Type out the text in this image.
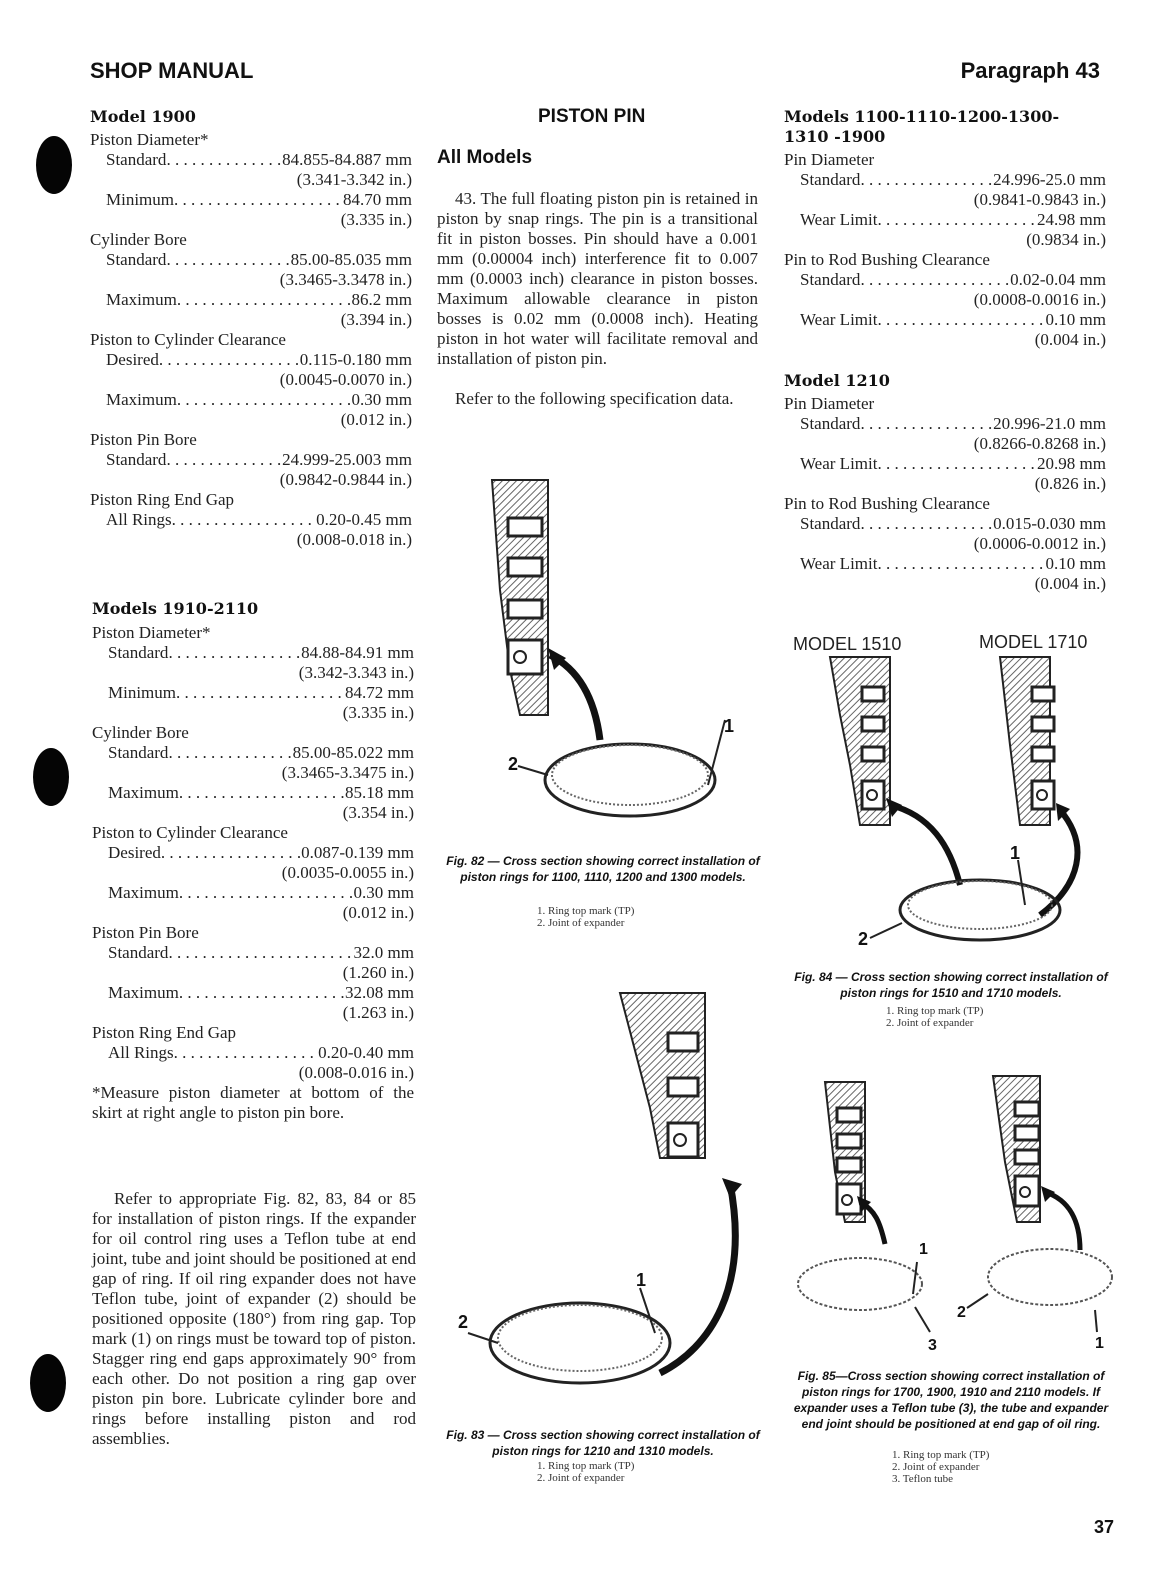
SHOP MANUAL	Paragraph 43
Model 1900
Piston Diameter*
Standard . . .	84.855-84.887 mm
(3.341-3.342 in.)
Minimum . . .	84.70 mm
(3.335 in.)
Cylinder Bore
Standard . . .	85.00-85.035 mm
(3.3465-3.3478 in.)
Maximum . . .	86.2 mm
(3.394 in.)
Piston to Cylinder Clearance
Desired . . .	0.115-0.180 mm
(0.0045-0.0070 in.)
Maximum . . .	0.30 mm
(0.012 in.)
Piston Pin Bore
Standard . . .	24.999-25.003 mm
(0.9842-0.9844 in.)
Piston Ring End Gap
All Rings . . .	0.20-0.45 mm
(0.008-0.018 in.)
Models 1910-2110
Piston Diameter*
Standard . . .	84.88-84.91 mm
(3.342-3.343 in.)
Minimum . . .	84.72 mm
(3.335 in.)
Cylinder Bore
Standard . . .	85.00-85.022 mm
(3.3465-3.3475 in.)
Maximum . . .	85.18 mm
(3.354 in.)
Piston to Cylinder Clearance
Desired . . .	0.087-0.139 mm
(0.0035-0.0055 in.)
Maximum . . .	0.30 mm
(0.012 in.)
Piston Pin Bore
Standard . . .	32.0 mm
(1.260 in.)
Maximum . . .	32.08 mm
(1.263 in.)
Piston Ring End Gap
All Rings . . .	0.20-0.40 mm
(0.008-0.016 in.)
*Measure piston diameter at bottom of the skirt at right angle to piston pin bore.
Refer to appropriate Fig. 82, 83, 84 or 85 for installation of piston rings. If the expander for oil control ring uses a Teflon tube at end joint, tube and joint should be positioned at end gap of ring. If oil ring expander does not have Teflon tube, joint of expander (2) should be positioned opposite (180°) from ring gap. Top mark (1) on rings must be toward top of piston. Stagger ring end gaps approximately 90° from each other. Do not position a ring gap over piston pin bore. Lubricate cylinder bore and rings before installing piston and rod assemblies.
PISTON PIN
All Models
43. The full floating piston pin is retained in piston by snap rings. The pin is a transitional fit in piston bosses. Pin should have a 0.001 mm (0.00004 inch) interference fit to 0.007 mm (0.0003 inch) clearance in piston bosses. Maximum allowable clearance in piston bosses is 0.02 mm (0.0008 inch). Heating piston in hot water will facilitate removal and installation of piston pin.
Refer to the following specification data.
2
1
Fig. 82 — Cross section showing correct installation of piston rings for 1100, 1110, 1200 and 1300 models.
1. Ring top mark (TP)
2. Joint of expander
2
1
Fig. 83 — Cross section showing correct installation of piston rings for 1210 and 1310 models.
1. Ring top mark (TP)
2. Joint of expander
Models 1100-1110-1200-1300-1310 -1900
Pin Diameter
Standard . . .	24.996-25.0 mm
(0.9841-0.9843 in.)
Wear Limit . . .	24.98 mm
(0.9834 in.)
Pin to Rod Bushing Clearance
Standard . . .	0.02-0.04 mm
(0.0008-0.0016 in.)
Wear Limit . . .	0.10 mm
(0.004 in.)
Model 1210
Pin Diameter
Standard . . .	20.996-21.0 mm
(0.8266-0.8268 in.)
Wear Limit . . .	20.98 mm
(0.826 in.)
Pin to Rod Bushing Clearance
Standard . . .	0.015-0.030 mm
(0.0006-0.0012 in.)
Wear Limit . . .	0.10 mm
(0.004 in.)
MODEL 1510	MODEL 1710
2
1
Fig. 84 — Cross section showing correct installation of piston rings for 1510 and 1710 models.
1. Ring top mark (TP)
2. Joint of expander
1
3
2
1
Fig. 85—Cross section showing correct installation of piston rings for 1700, 1900, 1910 and 2110 models. If expander uses a Teflon tube (3), the tube and expander end joint should be positioned at end gap of oil ring.
1. Ring top mark (TP)
2. Joint of expander
3. Teflon tube
37
